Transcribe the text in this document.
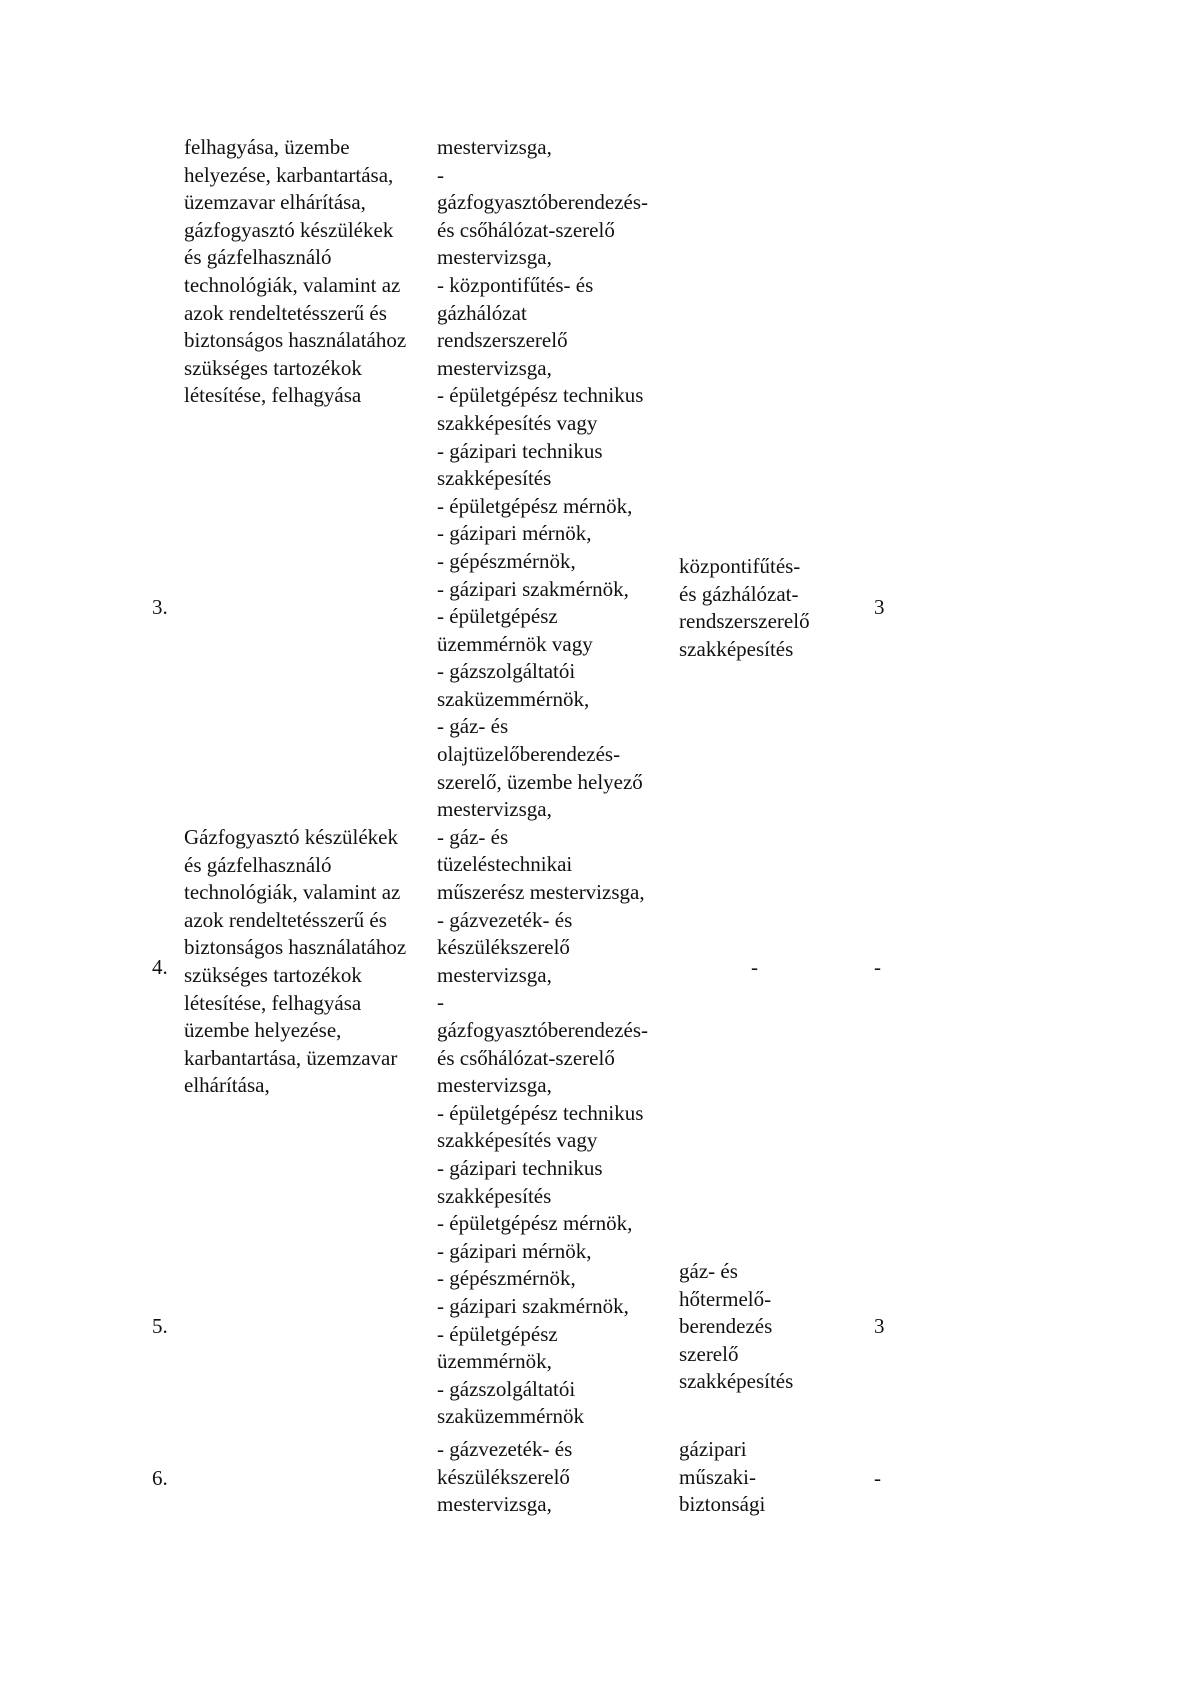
felhagyása, üzembe
helyezése, karbantartása,
üzemzavar elhárítása,
gázfogyasztó készülékek
és gázfelhasználó
technológiák, valamint az
azok rendeltetésszerű és
biztonságos használatához
szükséges tartozékok
létesítése, felhagyása
Gázfogyasztó készülékek
és gázfelhasználó
technológiák, valamint az
azok rendeltetésszerű és
biztonságos használatához
szükséges tartozékok
létesítése, felhagyása
üzembe helyezése,
karbantartása, üzemzavar
elhárítása,
mestervizsga,
-
gázfogyasztóberendezés-
és csőhálózat-szerelő
mestervizsga,
- központifűtés- és
gázhálózat
rendszerszerelő
mestervizsga,
- épületgépész technikus
szakképesítés vagy
- gázipari technikus
szakképesítés
- épületgépész mérnök,
- gázipari mérnök,
- gépészmérnök,
- gázipari szakmérnök,
- épületgépész
üzemmérnök vagy
- gázszolgáltatói
szaküzemmérnök,
- gáz- és
olajtüzelőberendezés-
szerelő, üzembe helyező
mestervizsga,
- gáz- és
tüzeléstechnikai
műszerész mestervizsga,
- gázvezeték- és
készülékszerelő
mestervizsga,
-
gázfogyasztóberendezés-
és csőhálózat-szerelő
mestervizsga,
- épületgépész technikus
szakképesítés vagy
- gázipari technikus
szakképesítés
- épületgépész mérnök,
- gázipari mérnök,
- gépészmérnök,
- gázipari szakmérnök,
- épületgépész
üzemmérnök,
- gázszolgáltatói
szaküzemmérnök
- gázvezeték- és
készülékszerelő
mestervizsga,
3.
4.
5.
6.
központifűtés-
és gázhálózat-
rendszerszerelő
szakképesítés
-
gáz- és
hőtermelő-
berendezés
szerelő
szakképesítés
gázipari
műszaki-
biztonsági
3
-
3
-
